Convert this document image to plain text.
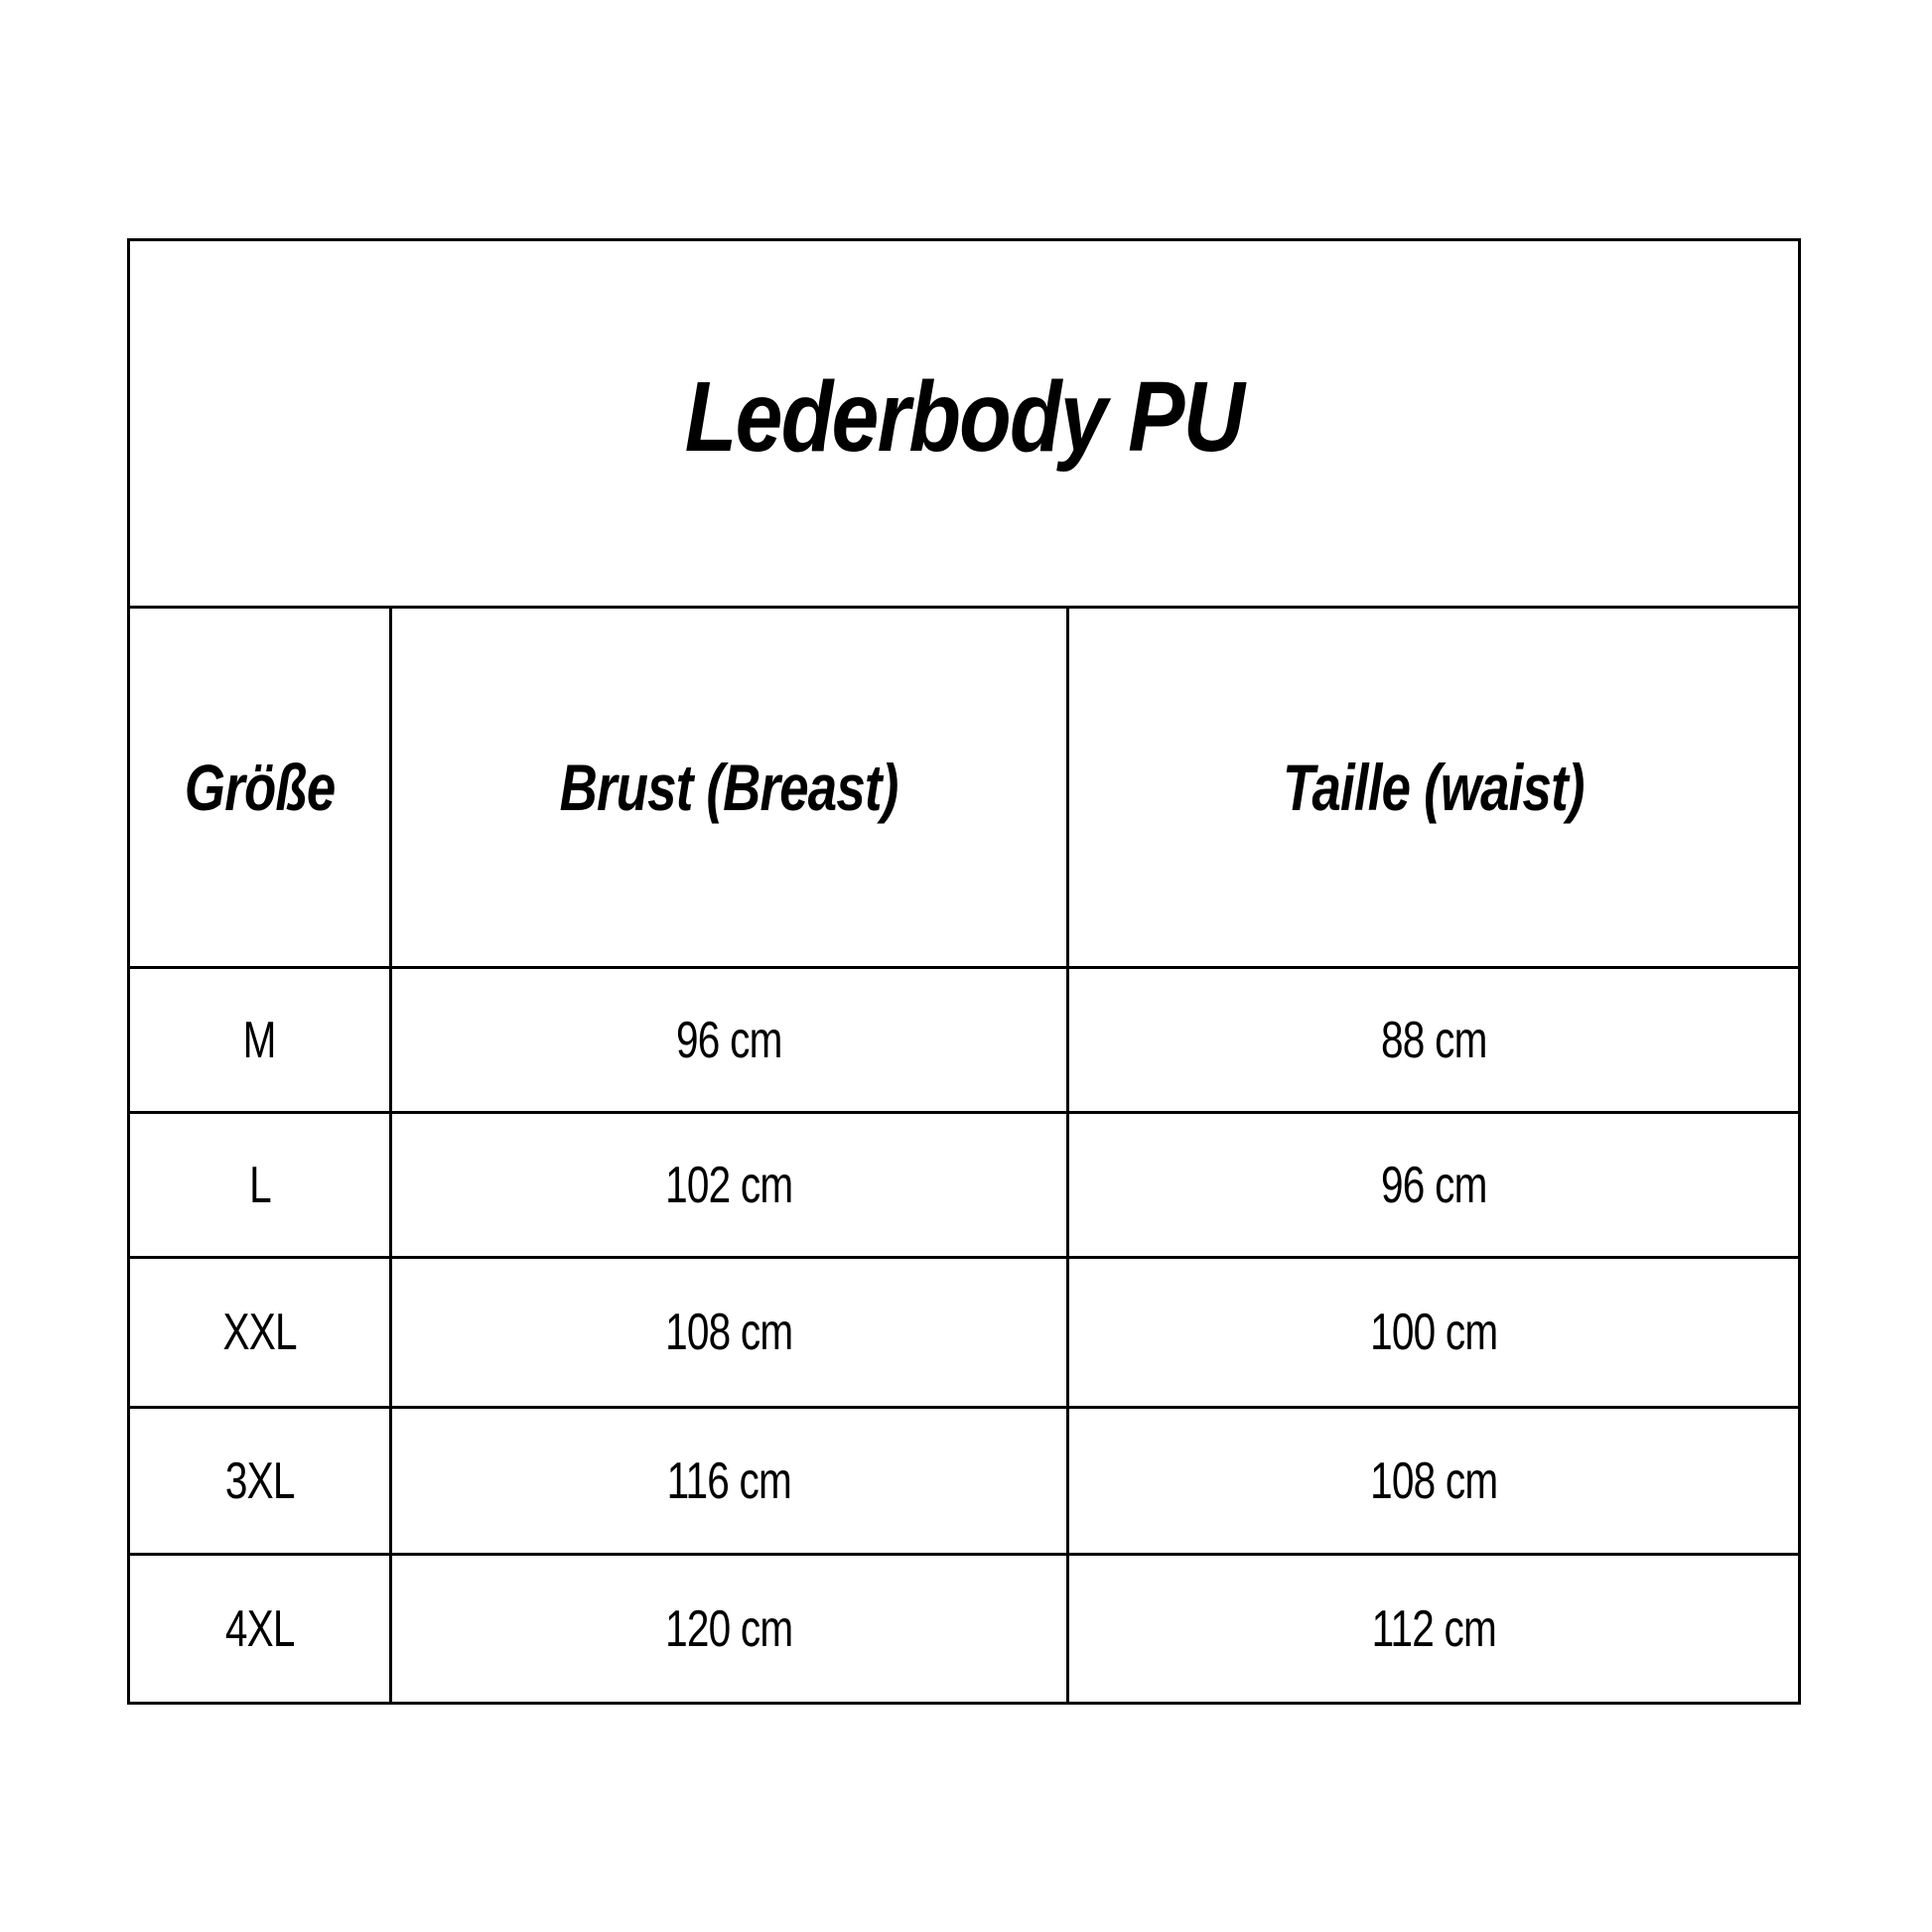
Lederbody PU		
Größe	Brust (Breast)	Taille (waist)
M	96 cm	88 cm
L	102 cm	96 cm
XXL	108 cm	100 cm
3XL	116 cm	108 cm
4XL	120 cm	112 cm
